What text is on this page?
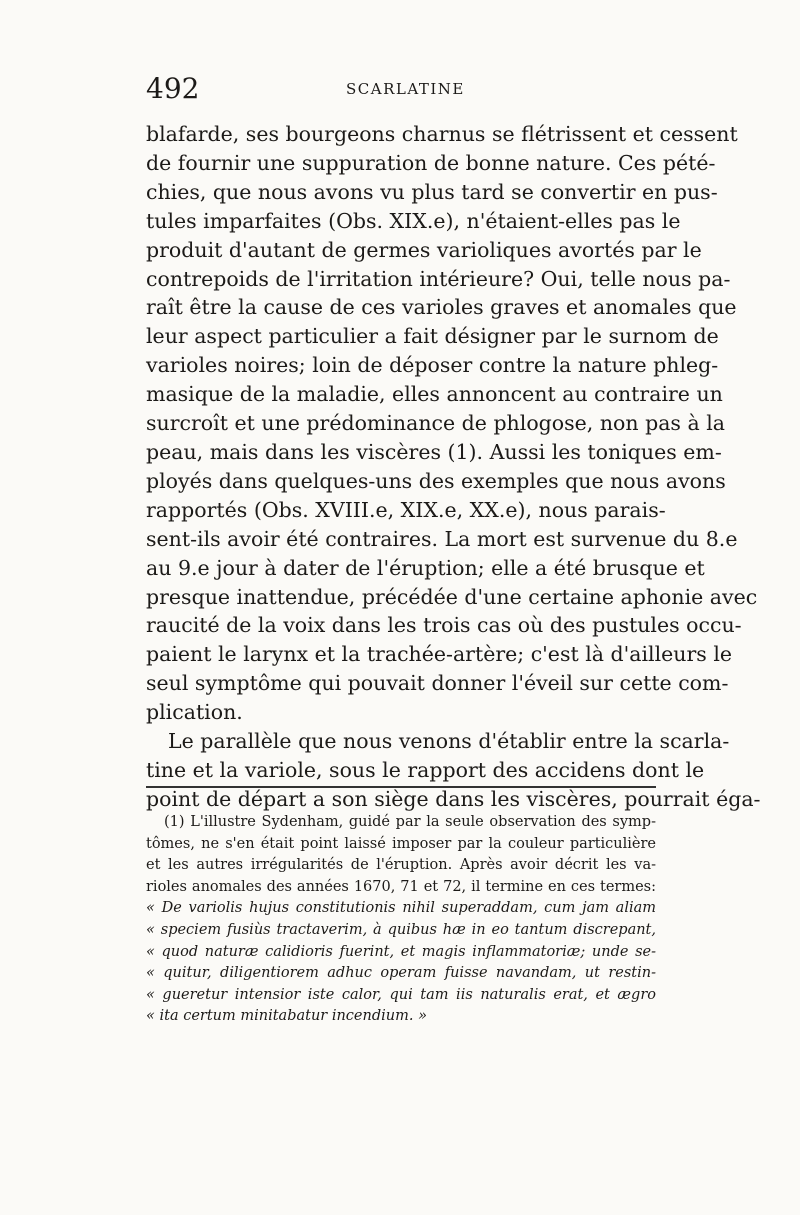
492	SCARLATINE
blafarde, ses bourgeons charnus se flétrissent et cessent
de fournir une suppuration de bonne nature. Ces pété-
chies, que nous avons vu plus tard se convertir en pus-
tules imparfaites (Obs. XIX.e), n'étaient-elles pas le
produit d'autant de germes varioliques avortés par le
contrepoids de l'irritation intérieure? Oui, telle nous pa-
raît être la cause de ces varioles graves et anomales que
leur aspect particulier a fait désigner par le surnom de
varioles noires; loin de déposer contre la nature phleg-
masique de la maladie, elles annoncent au contraire un
surcroît et une prédominance de phlogose, non pas à la
peau, mais dans les viscères (1). Aussi les toniques em-
ployés dans quelques-uns des exemples que nous avons
rapportés (Obs. XVIII.e, XIX.e, XX.e), nous parais-
sent-ils avoir été contraires. La mort est survenue du 8.e
au 9.e jour à dater de l'éruption; elle a été brusque et
presque inattendue, précédée d'une certaine aphonie avec
raucité de la voix dans les trois cas où des pustules occu-
paient le larynx et la trachée-artère; c'est là d'ailleurs le
seul symptôme qui pouvait donner l'éveil sur cette com-
plication.
Le parallèle que nous venons d'établir entre la scarla-
tine et la variole, sous le rapport des accidens dont le
point de départ a son siège dans les viscères, pourrait éga-
(1) L'illustre Sydenham, guidé par la seule observation des symp-
tômes, ne s'en était point laissé imposer par la couleur particulière
et les autres irrégularités de l'éruption. Après avoir décrit les va-
rioles anomales des années 1670, 71 et 72, il termine en ces termes:
« De variolis hujus constitutionis nihil superaddam, cum jam aliam
« speciem fusiùs tractaverim, à quibus hæ in eo tantum discrepant,
« quod naturæ calidioris fuerint, et magis inflammatoriæ; unde se-
« quitur, diligentiorem adhuc operam fuisse navandam, ut restin-
« gueretur intensior iste calor, qui tam iis naturalis erat, et ægro
« ita certum minitabatur incendium. »
